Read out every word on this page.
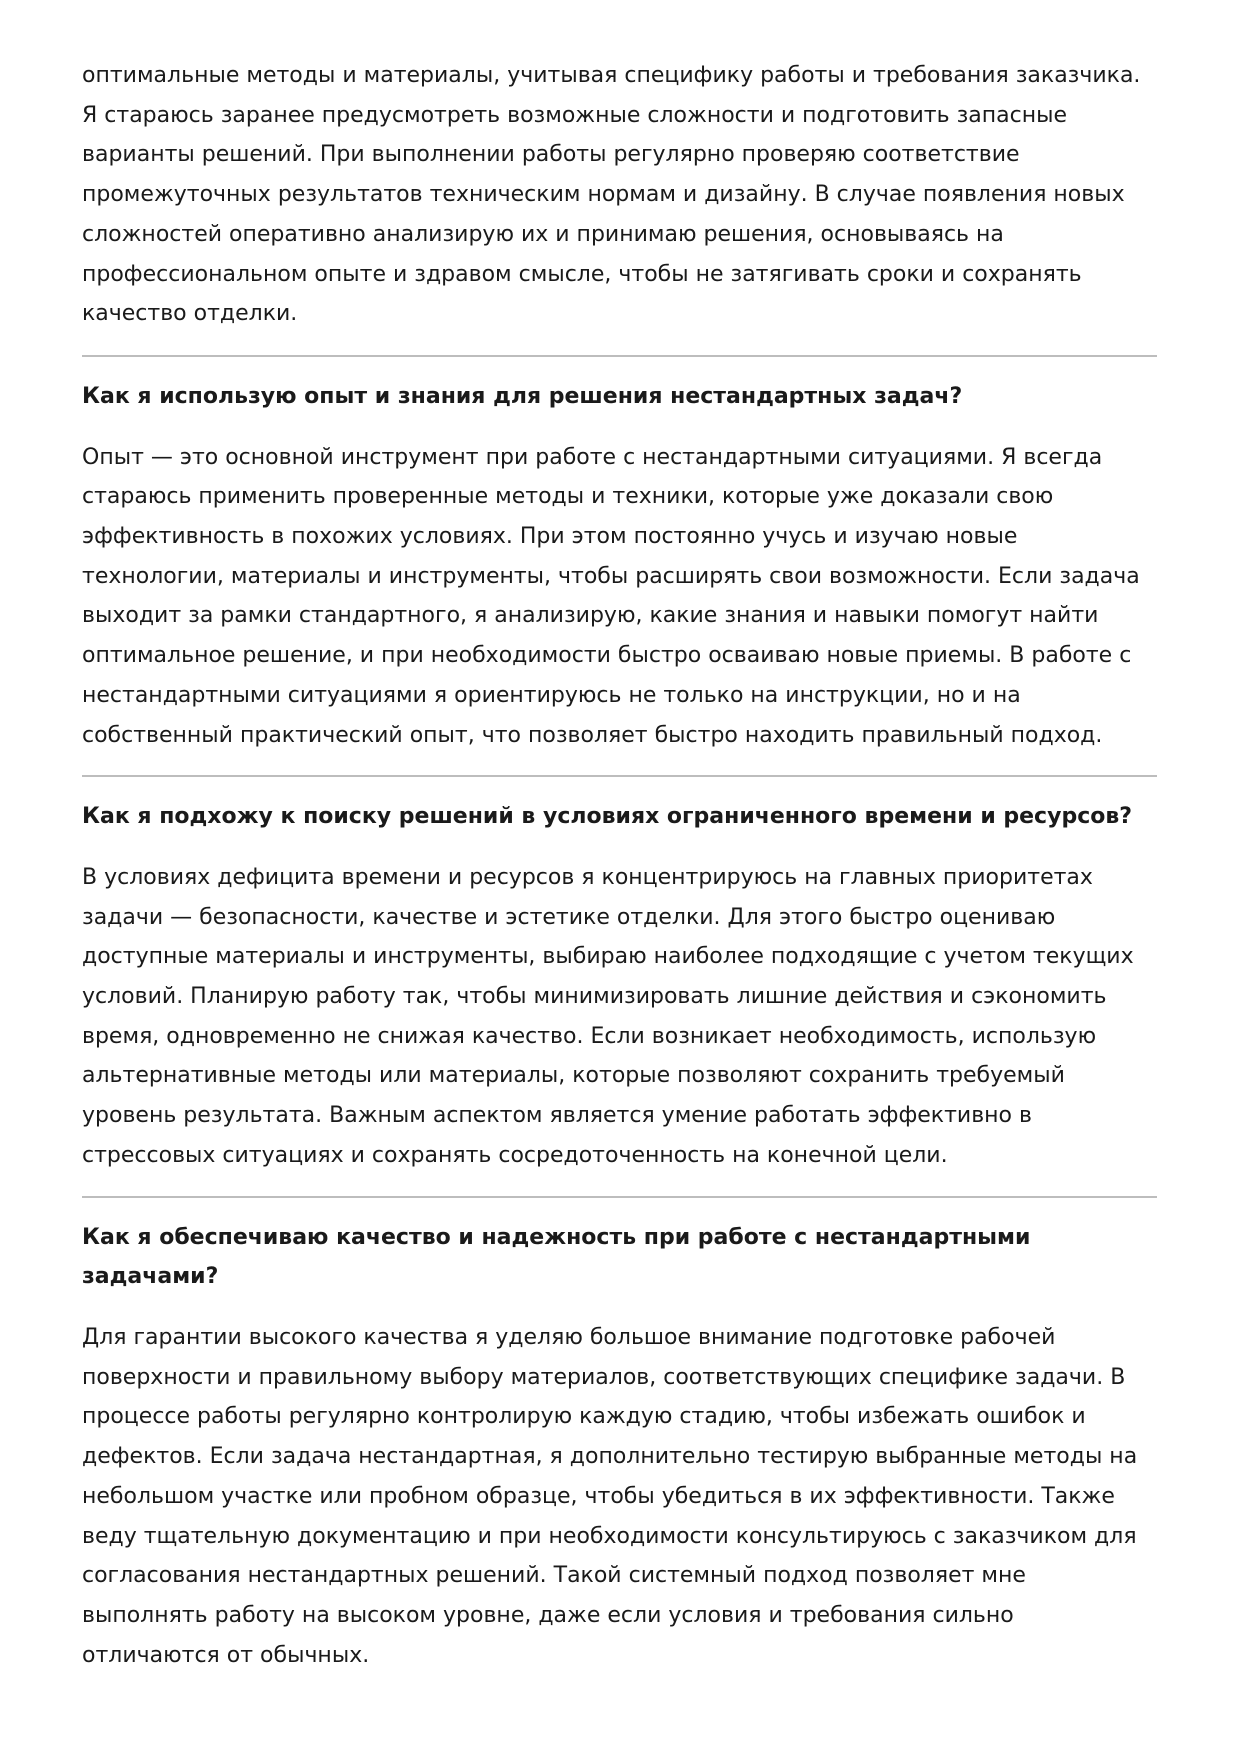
оптимальные методы и материалы, учитывая специфику работы и требования заказчика. Я стараюсь заранее предусмотреть возможные сложности и подготовить запасные варианты решений. При выполнении работы регулярно проверяю соответствие промежуточных результатов техническим нормам и дизайну. В случае появления новых сложностей оперативно анализирую их и принимаю решения, основываясь на профессиональном опыте и здравом смысле, чтобы не затягивать сроки и сохранять качество отделки.

Как я использую опыт и знания для решения нестандартных задач?

Опыт — это основной инструмент при работе с нестандартными ситуациями. Я всегда стараюсь применить проверенные методы и техники, которые уже доказали свою эффективность в похожих условиях. При этом постоянно учусь и изучаю новые технологии, материалы и инструменты, чтобы расширять свои возможности. Если задача выходит за рамки стандартного, я анализирую, какие знания и навыки помогут найти оптимальное решение, и при необходимости быстро осваиваю новые приемы. В работе с нестандартными ситуациями я ориентируюсь не только на инструкции, но и на собственный практический опыт, что позволяет быстро находить правильный подход.

Как я подхожу к поиску решений в условиях ограниченного времени и ресурсов?

В условиях дефицита времени и ресурсов я концентрируюсь на главных приоритетах задачи — безопасности, качестве и эстетике отделки. Для этого быстро оцениваю доступные материалы и инструменты, выбираю наиболее подходящие с учетом текущих условий. Планирую работу так, чтобы минимизировать лишние действия и сэкономить время, одновременно не снижая качество. Если возникает необходимость, использую альтернативные методы или материалы, которые позволяют сохранить требуемый уровень результата. Важным аспектом является умение работать эффективно в стрессовых ситуациях и сохранять сосредоточенность на конечной цели.

Как я обеспечиваю качество и надежность при работе с нестандартными задачами?

Для гарантии высокого качества я уделяю большое внимание подготовке рабочей поверхности и правильному выбору материалов, соответствующих специфике задачи. В процессе работы регулярно контролирую каждую стадию, чтобы избежать ошибок и дефектов. Если задача нестандартная, я дополнительно тестирую выбранные методы на небольшом участке или пробном образце, чтобы убедиться в их эффективности. Также веду тщательную документацию и при необходимости консультируюсь с заказчиком для согласования нестандартных решений. Такой системный подход позволяет мне выполнять работу на высоком уровне, даже если условия и требования сильно отличаются от обычных.
